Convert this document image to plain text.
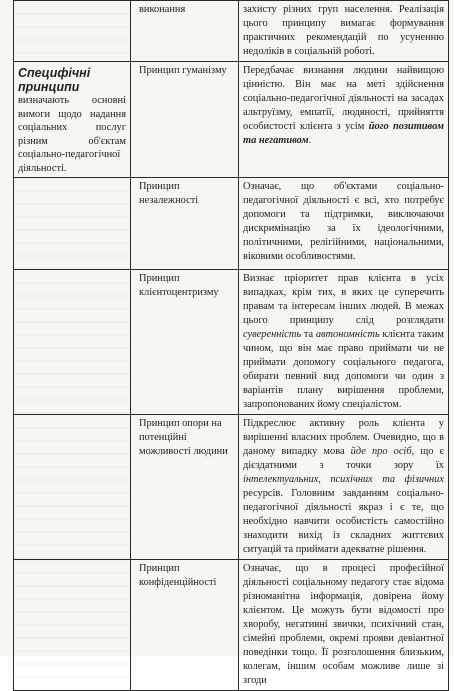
	виконання	захисту різних груп населення. Реалізація цього принципу вимагає формування практичних рекомендацій по усуненню недоліків в соціальній роботі.

Специфічні принципи
визначають основні вимоги щодо надання соціальних послуг різним об'єктам соціально-педагогічної діяльності.	Принцип гуманізму	Передбачає визнання людини найвищою цінністю. Він має на меті здійснення соціально-педагогічної діяльності на засадах альтруїзму, емпатії, людяності, прийняття особистості клієнта з усім його позитивом та негативом.

	Принцип незалежності	Означає, що об'єктами соціально-педагогічної діяльності є всі, хто потребує допомоги та підтримки, виключаючи дискримінацію за їх ідеологічними, політичними, релігійними, національними, віковими особливостями.

	Принцип клієнтоцентризму	Визнає пріоритет прав клієнта в усіх випадках, крім тих, в яких це суперечить правам та інтересам інших людей. В межах цього принципу слід розглядати суверенність та автономність клієнта таким чином, що він має право приймати чи не приймати допомогу соціального педагога, обирати певний вид допомоги чи один з варіантів плану вирішення проблеми, запропонованих йому спеціалістом.

	Принцип опори на потенційні можливості людини	Підкреслює активну роль клієнта у вирішенні власних проблем. Очевидно, що в даному випадку мова йде про осіб, що є дієздатними з точки зору їх інтелектуальних, психічних та фізичних ресурсів. Головним завданням соціально-педагогічної діяльності якраз і є те, що необхідно навчити особистість самостійно знаходити вихід із складних життєвих ситуацій та приймати адекватне рішення.

	Принцип конфіденційності	Означає, що в процесі професійної діяльності соціальному педагогу стає відома різноманітна інформація, довірена йому клієнтом. Це можуть бути відомості про хворобу, негативні звички, психічний стан, сімейні проблеми, окремі прояви девіантної поведінки тощо. Її розголошення близьким, колегам, іншим особам можливе лише зі згоди
